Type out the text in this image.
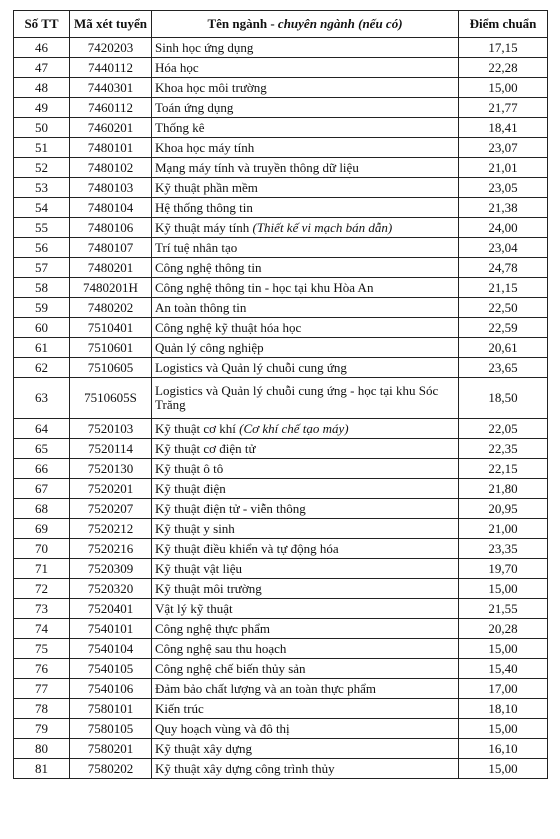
Số TT	Mã xét tuyển	Tên ngành - chuyên ngành (nếu có)	Điểm chuẩn
46	7420203	Sinh học ứng dụng	17,15
47	7440112	Hóa học	22,28
48	7440301	Khoa học môi trường	15,00
49	7460112	Toán ứng dụng	21,77
50	7460201	Thống kê	18,41
51	7480101	Khoa học máy tính	23,07
52	7480102	Mạng máy tính và truyền thông dữ liệu	21,01
53	7480103	Kỹ thuật phần mềm	23,05
54	7480104	Hệ thống thông tin	21,38
55	7480106	Kỹ thuật máy tính (Thiết kế vi mạch bán dẫn)	24,00
56	7480107	Trí tuệ nhân tạo	23,04
57	7480201	Công nghệ thông tin	24,78
58	7480201H	Công nghệ thông tin - học tại khu Hòa An	21,15
59	7480202	An toàn thông tin	22,50
60	7510401	Công nghệ kỹ thuật hóa học	22,59
61	7510601	Quản lý công nghiệp	20,61
62	7510605	Logistics và Quản lý chuỗi cung ứng	23,65
63	7510605S	Logistics và Quản lý chuỗi cung ứng - học tại khu Sóc Trăng	18,50
64	7520103	Kỹ thuật cơ khí (Cơ khí chế tạo máy)	22,05
65	7520114	Kỹ thuật cơ điện tử	22,35
66	7520130	Kỹ thuật ô tô	22,15
67	7520201	Kỹ thuật điện	21,80
68	7520207	Kỹ thuật điện tử - viễn thông	20,95
69	7520212	Kỹ thuật y sinh	21,00
70	7520216	Kỹ thuật điều khiển và tự động hóa	23,35
71	7520309	Kỹ thuật vật liệu	19,70
72	7520320	Kỹ thuật môi trường	15,00
73	7520401	Vật lý kỹ thuật	21,55
74	7540101	Công nghệ thực phẩm	20,28
75	7540104	Công nghệ sau thu hoạch	15,00
76	7540105	Công nghệ chế biến thủy sản	15,40
77	7540106	Đảm bảo chất lượng và an toàn thực phẩm	17,00
78	7580101	Kiến trúc	18,10
79	7580105	Quy hoạch vùng và đô thị	15,00
80	7580201	Kỹ thuật xây dựng	16,10
81	7580202	Kỹ thuật xây dựng công trình thủy	15,00
